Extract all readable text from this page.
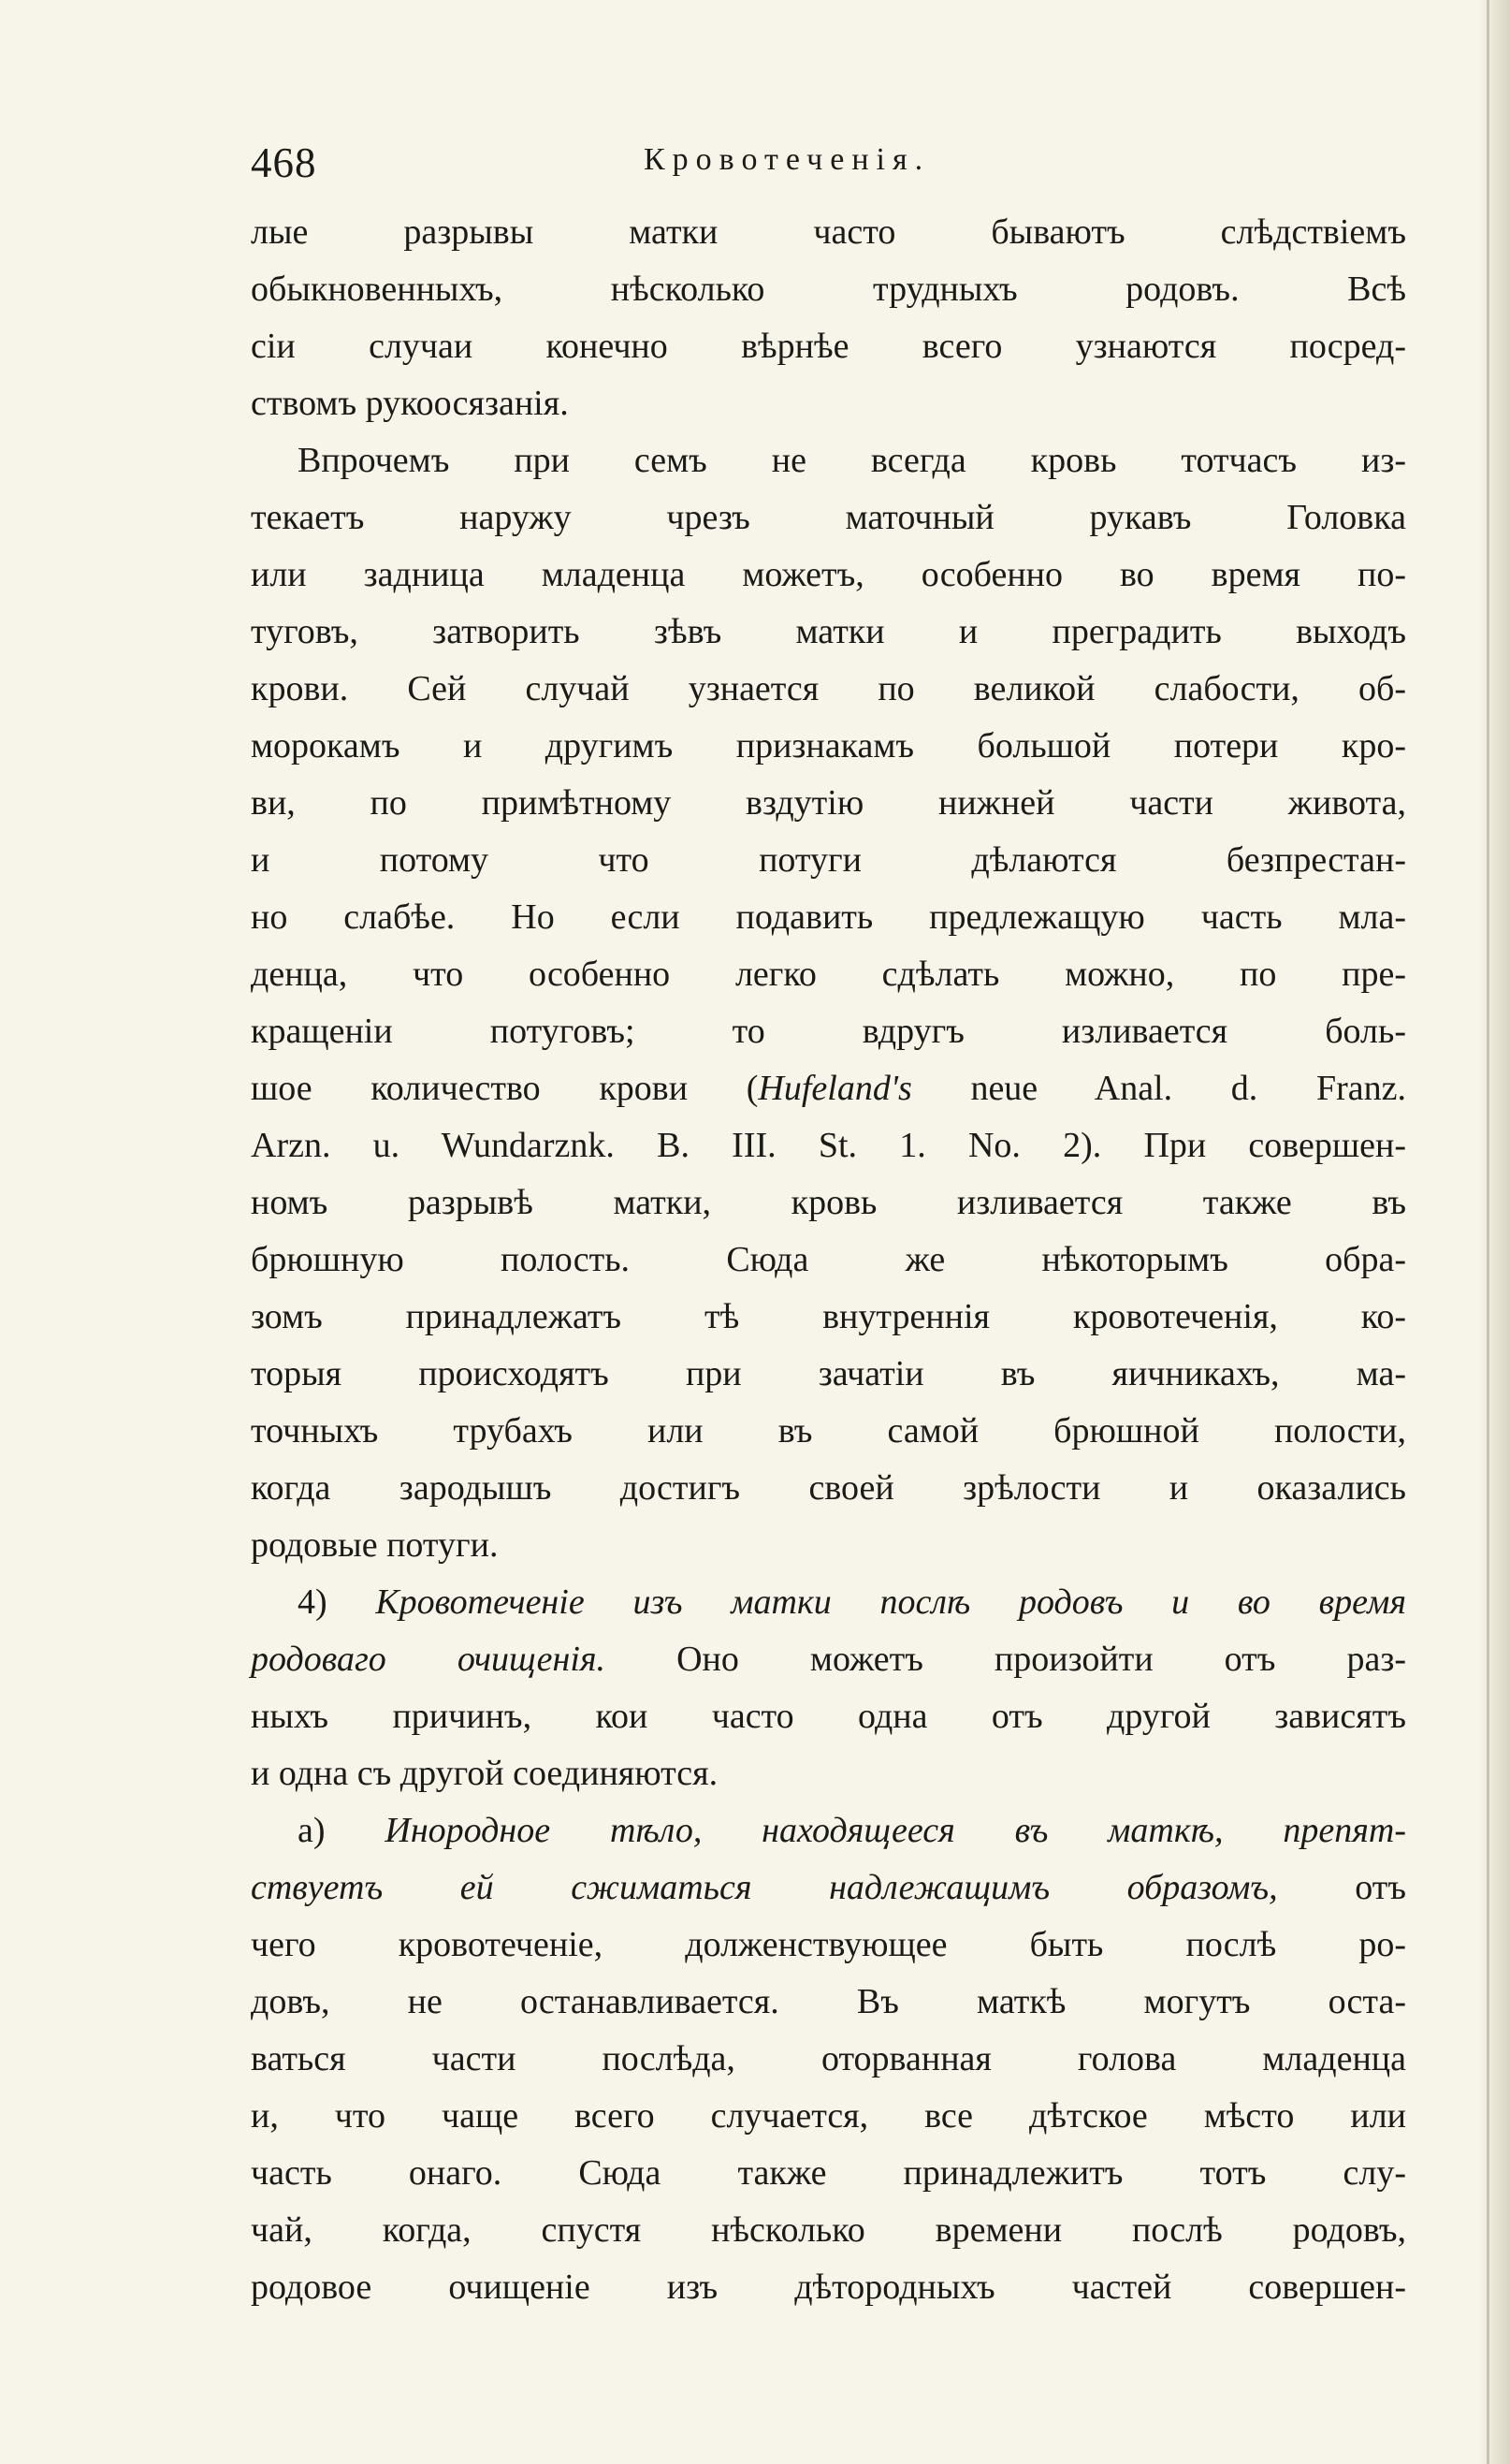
468	Кровотеченія.
лые разрывы матки часто бываютъ слѣдствіемъ
обыкновенныхъ, нѣсколько трудныхъ родовъ. Всѣ
сіи случаи конечно вѣрнѣе всего узнаются посред-
ствомъ рукоосязанія.
Впрочемъ при семъ не всегда кровь тотчасъ из-
текаетъ наружу чрезъ маточный рукавъ Головка
или задница младенца можетъ, особенно во время по-
туговъ, затворить зѣвъ матки и преградить выходъ
крови. Сей случай узнается по великой слабости, об-
морокамъ и другимъ признакамъ большой потери кро-
ви, по примѣтному вздутію нижней части живота,
и потому что потуги дѣлаются безпрестан-
но слабѣе. Но если подавить предлежащую часть мла-
денца, что особенно легко сдѣлать можно, по пре-
кращеніи потуговъ; то вдругъ изливается боль-
шое количество крови (Hufeland's neue Anal. d. Franz.
Arzn. u. Wundarznk. B. III. St. 1. No. 2). При совершен-
номъ разрывѣ матки, кровь изливается также въ
брюшную полость. Сюда же нѣкоторымъ обра-
зомъ принадлежатъ тѣ внутреннія кровотеченія, ко-
торыя происходятъ при зачатіи въ яичникахъ, ма-
точныхъ трубахъ или въ самой брюшной полости,
когда зародышъ достигъ своей зрѣлости и оказались
родовые потуги.
4) Кровотеченіе изъ матки послѣ родовъ и во время
родоваго очищенія. Оно можетъ произойти отъ раз-
ныхъ причинъ, кои часто одна отъ другой зависятъ
и одна съ другой соединяются.
а) Инородное тѣло, находящееся въ маткѣ, препят-
ствуетъ ей сжиматься надлежащимъ образомъ, отъ
чего кровотеченіе, долженствующее быть послѣ ро-
довъ, не останавливается. Въ маткѣ могутъ оста-
ваться части послѣда, оторванная голова младенца
и, что чаще всего случается, все дѣтское мѣсто или
часть онаго. Сюда также принадлежитъ тотъ слу-
чай, когда, спустя нѣсколько времени послѣ родовъ,
родовое очищеніе изъ дѣтородныхъ частей совершен-
